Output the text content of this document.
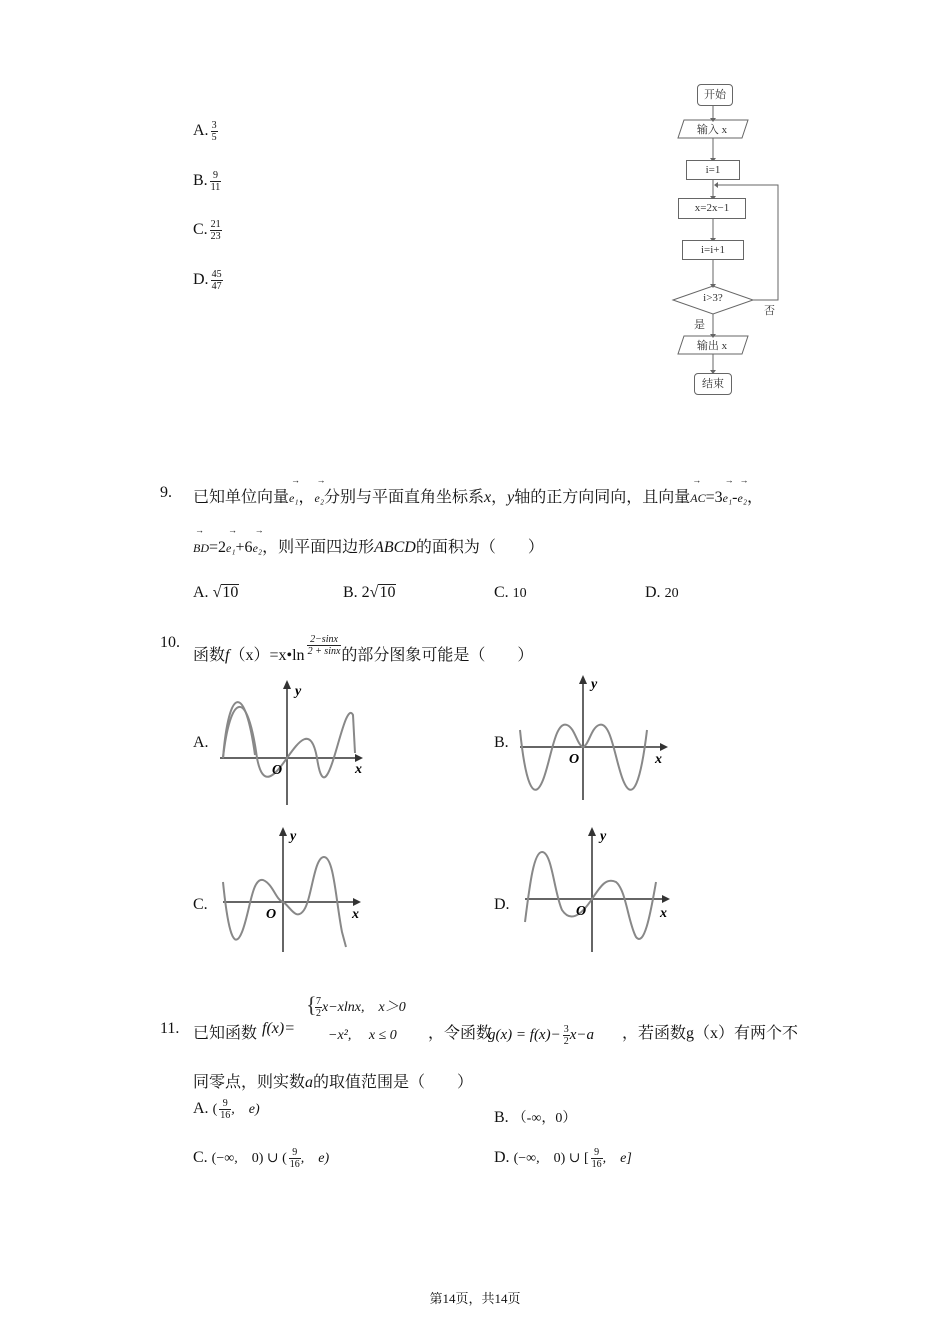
A. $\frac{3}{5}$
B. $\frac{9}{11}$
C. $\frac{21}{23}$
D. $\frac{45}{47}$
开始
输入 x
i=1
x=2x−1
i=i+1
i>3?
否
是
输出 x
结束
9. 已知单位向量→ e₁，→ e₂分别与平面直角坐标系x，y轴的正方向同向，且向量→ AC=3→ e₁-→ e₂，
→ BD=2→ e₁+6→ e₂，则平面四边形ABCD的面积为（　　）
A. √10	B. 2√10	C. 10	D. 20
10.
函数f（x）=x•ln $\frac{2-\sin x}{2 + \sin x}$ 的部分图象可能是（　　）
A.	B.
C.	D.
y
x
O
y
x
O
y
x
O
y
x
O
11. 已知函数 f(x)=
{
$\frac{7}{2} x-xlnx$,　x＞0
−x², 　x ≤ 0 ，令函数
$g(x) = f(x)- \frac{3}{2} x-a$ ，若函数g（x）有两个不
同零点，则实数a的取值范围是（　　）
A. ( $\frac{9}{16}$ ,　e)	B. （-∞，0）
C. (−∞,　0) ∪ ( $\frac{9}{16}$ ,　e)	D. (−∞,　0) ∪ [ $\frac{9}{16}$ ,　e]
第14页，共14页
